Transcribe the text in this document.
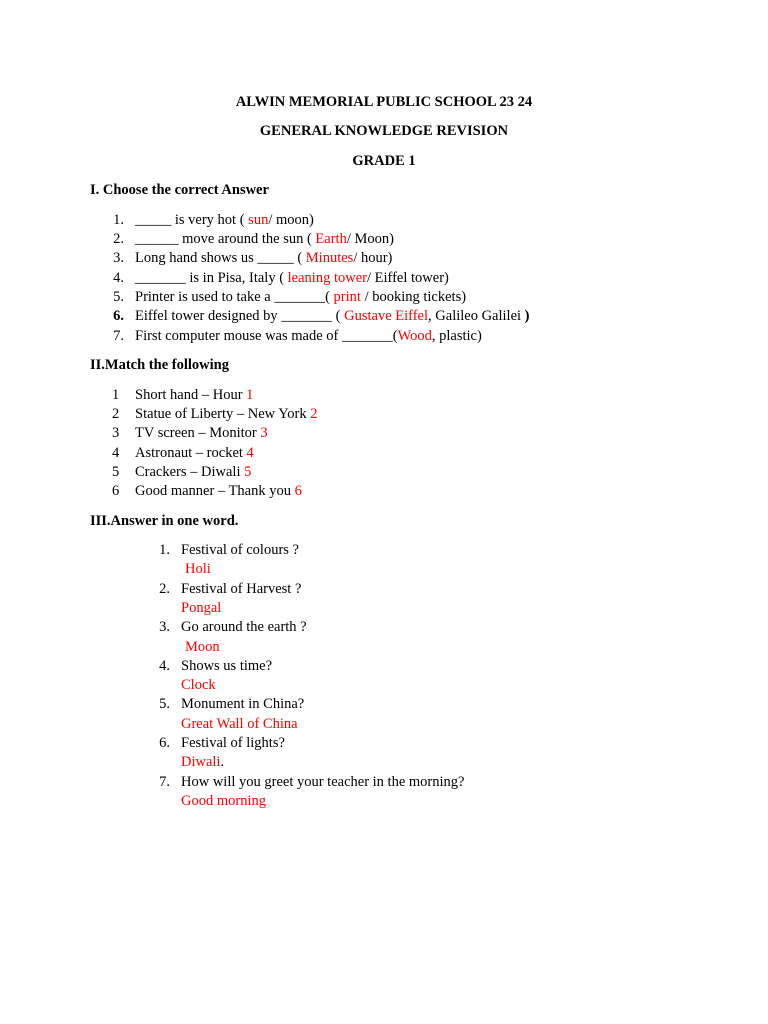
ALWIN MEMORIAL PUBLIC SCHOOL 23 24
GENERAL KNOWLEDGE REVISION
GRADE 1
I. Choose the correct Answer
1. _____ is very hot ( sun/ moon)
2. ______ move around the sun ( Earth/ Moon)
3. Long hand shows us _____ ( Minutes/ hour)
4. _______ is in Pisa, Italy ( leaning tower/ Eiffel tower)
5. Printer is used to take a _______( print / booking tickets)
6. Eiffel tower designed by _______ ( Gustave Eiffel, Galileo Galilei )
7. First computer mouse was made of _______(Wood, plastic)
II.Match the following
1 Short hand – Hour 1
2 Statue of Liberty – New York 2
3 TV screen – Monitor 3
4 Astronaut – rocket 4
5 Crackers – Diwali 5
6 Good manner – Thank you 6
III.Answer in one word.
1. Festival of colours ?
Holi
2. Festival of Harvest ?
Pongal
3. Go around the earth ?
Moon
4. Shows us time?
Clock
5. Monument in China?
Great Wall of China
6. Festival of lights?
Diwali.
7. How will you greet your teacher in the morning?
Good morning
